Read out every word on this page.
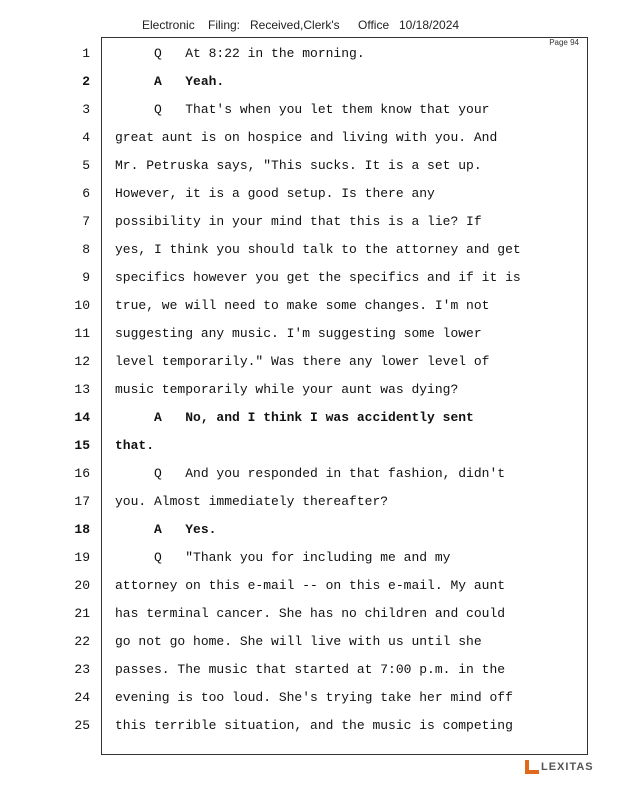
Electronic Filing: Received,Clerk's Office 10/18/2024
Page 94
1 Q   At 8:22 in the morning.
2 A   Yeah.
3 Q   That's when you let them know that your
4 great aunt is on hospice and living with you. And
5 Mr. Petruska says, "This sucks. It is a set up.
6 However, it is a good setup. Is there any
7 possibility in your mind that this is a lie? If
8 yes, I think you should talk to the attorney and get
9 specifics however you get the specifics and if it is
10 true, we will need to make some changes. I'm not
11 suggesting any music. I'm suggesting some lower
12 level temporarily." Was there any lower level of
13 music temporarily while your aunt was dying?
14 A   No, and I think I was accidently sent
15 that.
16 Q   And you responded in that fashion, didn't
17 you. Almost immediately thereafter?
18 A   Yes.
19 Q   "Thank you for including me and my
20 attorney on this e-mail -- on this e-mail. My aunt
21 has terminal cancer. She has no children and could
22 go not go home. She will live with us until she
23 passes. The music that started at 7:00 p.m. in the
24 evening is too loud. She's trying take her mind off
25 this terrible situation, and the music is competing
LEXITAS
